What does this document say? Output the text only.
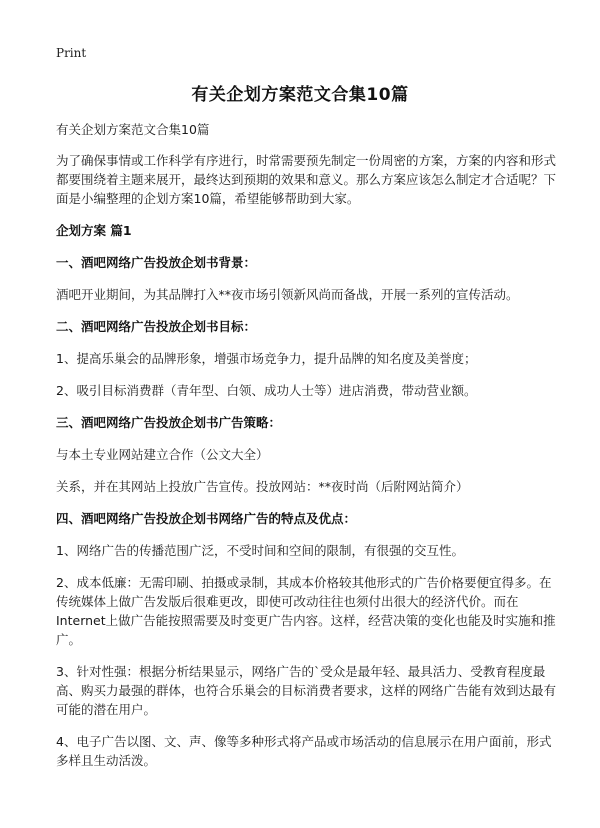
Print
有关企划方案范文合集10篇

有关企划方案范文合集10篇

为了确保事情或工作科学有序进行，时常需要预先制定一份周密的方案，方案的内容和形式都要围绕着主题来展开，最终达到预期的效果和意义。那么方案应该怎么制定才合适呢？下面是小编整理的企划方案10篇，希望能够帮助到大家。

企划方案 篇1

一、酒吧网络广告投放企划书背景：

酒吧开业期间，为其品牌打入**夜市场引领新风尚而备战，开展一系列的宣传活动。

二、酒吧网络广告投放企划书目标：

1、提高乐巢会的品牌形象，增强市场竞争力，提升品牌的知名度及美誉度；

2、吸引目标消费群（青年型、白领、成功人士等）进店消费，带动营业额。

三、酒吧网络广告投放企划书广告策略：

与本土专业网站建立合作（公文大全）

关系，并在其网站上投放广告宣传。投放网站：**夜时尚（后附网站简介）

四、酒吧网络广告投放企划书网络广告的特点及优点：

1、网络广告的传播范围广泛，不受时间和空间的限制，有很强的交互性。

2、成本低廉：无需印刷、拍摄或录制，其成本价格较其他形式的广告价格要便宜得多。在传统媒体上做广告发版后很难更改，即使可改动往往也须付出很大的经济代价。而在Internet上做广告能按照需要及时变更广告内容。这样，经营决策的变化也能及时实施和推广。

3、针对性强：根据分析结果显示，网络广告的`受众是最年轻、最具活力、受教育程度最高、购买力最强的群体，也符合乐巢会的目标消费者要求，这样的网络广告能有效到达最有可能的潜在用户。

4、电子广告以图、文、声、像等多种形式将产品或市场活动的信息展示在用户面前，形式多样且生动活泼。
